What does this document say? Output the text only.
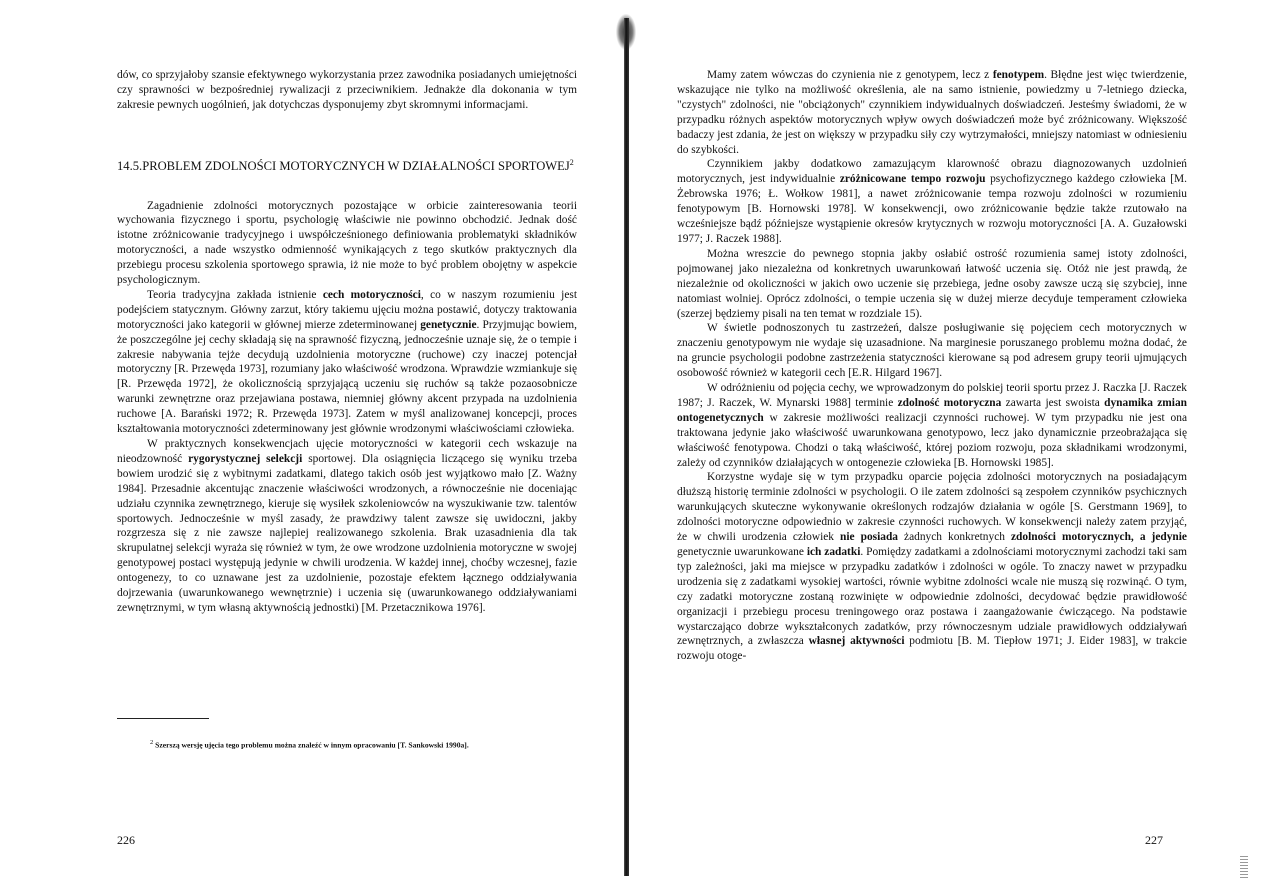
dów, co sprzyjałoby szansie efektywnego wykorzystania przez zawodnika posiadanych umiejętności czy sprawności w bezpośredniej rywalizacji z przeciwnikiem. Jednakże dla dokonania w tym zakresie pewnych uogólnień, jak dotychczas dysponujemy zbyt skromnymi informacjami.

14.5.PROBLEM ZDOLNOŚCI MOTORYCZNYCH W DZIAŁALNOŚCI SPORTOWEJ$^2$

Zagadnienie zdolności motorycznych pozostające w orbicie zainteresowania teorii wychowania fizycznego i sportu, psychologię właściwie nie powinno obchodzić. Jednak dość istotne zróżnicowanie tradycyjnego i uwspółcześnionego definiowania problematyki składników motoryczności, a nade wszystko odmienność wynikających z tego skutków praktycznych dla przebiegu procesu szkolenia sportowego sprawia, iż nie może to być problem obojętny w aspekcie psychologicznym.

Teoria tradycyjna zakłada istnienie cech motoryczności, co w naszym rozumieniu jest podejściem statycznym. Główny zarzut, który takiemu ujęciu można postawić, dotyczy traktowania motoryczności jako kategorii w głównej mierze zdeterminowanej genetycznie. Przyjmując bowiem, że poszczególne jej cechy składają się na sprawność fizyczną, jednocześnie uznaje się, że o tempie i zakresie nabywania tejże decydują uzdolnienia motoryczne (ruchowe) czy inaczej potencjał motoryczny [R. Przewęda 1973], rozumiany jako właściwość wrodzona. Wprawdzie wzmiankuje się [R. Przewęda 1972], że okolicznością sprzyjającą uczeniu się ruchów są także pozaosobnicze warunki zewnętrzne oraz przejawiana postawa, niemniej główny akcent przypada na uzdolnienia ruchowe [A. Barański 1972; R. Przewęda 1973]. Zatem w myśl analizowanej koncepcji, proces kształtowania motoryczności zdeterminowany jest głównie wrodzonymi właściwościami człowieka.

W praktycznych konsekwencjach ujęcie motoryczności w kategorii cech wskazuje na nieodzowność rygorystycznej selekcji sportowej. Dla osiągnięcia liczącego się wyniku trzeba bowiem urodzić się z wybitnymi zadatkami, dlatego takich osób jest wyjątkowo mało [Z. Ważny 1984]. Przesadnie akcentując znaczenie właściwości wrodzonych, a równocześnie nie doceniając udziału czynnika zewnętrznego, kieruje się wysiłek szkoleniowców na wyszukiwanie tzw. talentów sportowych. Jednocześnie w myśl zasady, że prawdziwy talent zawsze się uwidoczni, jakby rozgrzesza się z nie zawsze najlepiej realizowanego szkolenia. Brak uzasadnienia dla tak skrupulatnej selekcji wyraża się również w tym, że owe wrodzone uzdolnienia motoryczne w swojej genotypowej postaci występują jedynie w chwili urodzenia. W każdej innej, choćby wczesnej, fazie ontogenezy, to co uznawane jest za uzdolnienie, pozostaje efektem łącznego oddziaływania dojrzewania (uwarunkowanego wewnętrznie) i uczenia się (uwarunkowanego oddziaływaniami zewnętrznymi, w tym własną aktywnością jednostki) [M. Przetacznikowa 1976].

$^2$ Szerszą wersję ujęcia tego problemu można znaleźć w innym opracowaniu [T. Sankowski 1990a].
226

Mamy zatem wówczas do czynienia nie z genotypem, lecz z fenotypem. Błędne jest więc twierdzenie, wskazujące nie tylko na możliwość określenia, ale na samo istnienie, powiedzmy u 7-letniego dziecka, "czystych" zdolności, nie "obciążonych" czynnikiem indywidualnych doświadczeń. Jesteśmy świadomi, że w przypadku różnych aspektów motorycznych wpływ owych doświadczeń może być zróżnicowany. Większość badaczy jest zdania, że jest on większy w przypadku siły czy wytrzymałości, mniejszy natomiast w odniesieniu do szybkości.

Czynnikiem jakby dodatkowo zamazującym klarowność obrazu diagnozowanych uzdolnień motorycznych, jest indywidualnie zróżnicowane tempo rozwoju psychofizycznego każdego człowieka [M. Żebrowska 1976; Ł. Wołkow 1981], a nawet zróżnicowanie tempa rozwoju zdolności w rozumieniu fenotypowym [B. Hornowski 1978]. W konsekwencji, owo zróżnicowanie będzie także rzutowało na wcześniejsze bądź późniejsze wystąpienie okresów krytycznych w rozwoju motoryczności [A. A. Guzałowski 1977; J. Raczek 1988].

Można wreszcie do pewnego stopnia jakby osłabić ostrość rozumienia samej istoty zdolności, pojmowanej jako niezależna od konkretnych uwarunkowań łatwość uczenia się. Otóż nie jest prawdą, że niezależnie od okoliczności w jakich owo uczenie się przebiega, jedne osoby zawsze uczą się szybciej, inne natomiast wolniej. Oprócz zdolności, o tempie uczenia się w dużej mierze decyduje temperament człowieka (szerzej będziemy pisali na ten temat w rozdziale 15).

W świetle podnoszonych tu zastrzeżeń, dalsze posługiwanie się pojęciem cech motorycznych w znaczeniu genotypowym nie wydaje się uzasadnione. Na marginesie poruszanego problemu można dodać, że na gruncie psychologii podobne zastrzeżenia statyczności kierowane są pod adresem grupy teorii ujmujących osobowość również w kategorii cech [E.R. Hilgard 1967].

W odróżnieniu od pojęcia cechy, we wprowadzonym do polskiej teorii sportu przez J. Raczka [J. Raczek 1987; J. Raczek, W. Mynarski 1988] terminie zdolność motoryczna zawarta jest swoista dynamika zmian ontogenetycznych w zakresie możliwości realizacji czynności ruchowej. W tym przypadku nie jest ona traktowana jedynie jako właściwość uwarunkowana genotypowo, lecz jako dynamicznie przeobrażająca się właściwość fenotypowa. Chodzi o taką właściwość, której poziom rozwoju, poza składnikami wrodzonymi, zależy od czynników działających w ontogenezie człowieka [B. Hornowski 1985].

Korzystne wydaje się w tym przypadku oparcie pojęcia zdolności motorycznych na posiadającym dłuższą historię terminie zdolności w psychologii. O ile zatem zdolności są zespołem czynników psychicznych warunkujących skuteczne wykonywanie określonych rodzajów działania w ogóle [S. Gerstmann 1969], to zdolności motoryczne odpowiednio w zakresie czynności ruchowych. W konsekwencji należy zatem przyjąć, że w chwili urodzenia człowiek nie posiada żadnych konkretnych zdolności motorycznych, a jedynie genetycznie uwarunkowane ich zadatki. Pomiędzy zadatkami a zdolnościami motorycznymi zachodzi taki sam typ zależności, jaki ma miejsce w przypadku zadatków i zdolności w ogóle. To znaczy nawet w przypadku urodzenia się z zadatkami wysokiej wartości, równie wybitne zdolności wcale nie muszą się rozwinąć. O tym, czy zadatki motoryczne zostaną rozwinięte w odpowiednie zdolności, decydować będzie prawidłowość organizacji i przebiegu procesu treningowego oraz postawa i zaangażowanie ćwiczącego. Na podstawie wystarczająco dobrze wykształconych zadatków, przy równoczesnym udziale prawidłowych oddziaływań zewnętrznych, a zwłaszcza własnej aktywności podmiotu [B. M. Tiepłow 1971; J. Eider 1983], w trakcie rozwoju otoge-

227
